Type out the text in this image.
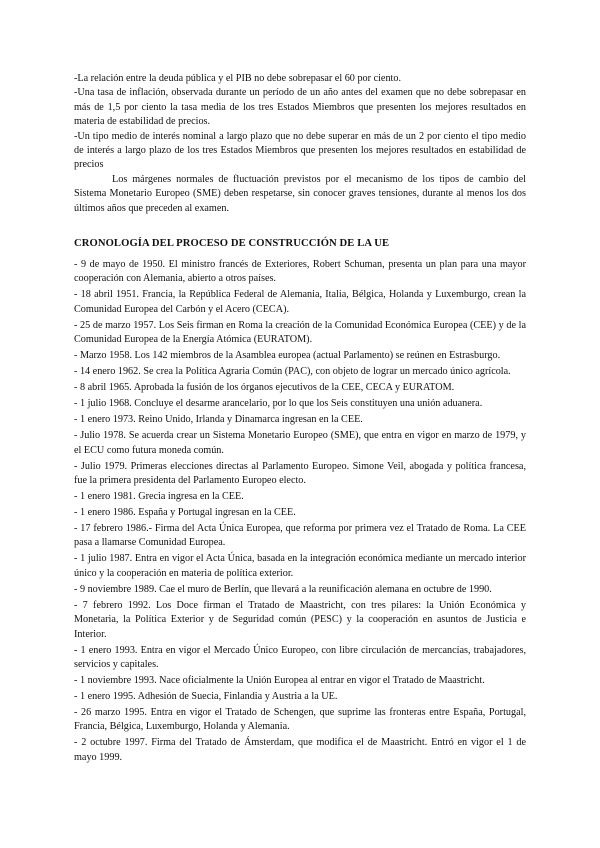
-La relación entre la deuda pública y el PIB no debe sobrepasar el 60 por ciento.

-Una tasa de inflación, observada durante un período de un año antes del examen que no debe sobrepasar en más de 1,5 por ciento la tasa media de los tres Estados Miembros que presenten los mejores resultados en materia de estabilidad de precios.

-Un tipo medio de interés nominal a largo plazo que no debe superar en más de un 2 por ciento el tipo medio de interés a largo plazo de los tres Estados Miembros que presenten los mejores resultados en estabilidad de precios

Los márgenes normales de fluctuación previstos por el mecanismo de los tipos de cambio del Sistema Monetario Europeo (SME) deben respetarse, sin conocer graves tensiones, durante al menos los dos últimos años que preceden al examen.

CRONOLOGÍA DEL PROCESO DE CONSTRUCCIÓN DE LA UE

- 9 de mayo de 1950. El ministro francés de Exteriores, Robert Schuman, presenta un plan para una mayor cooperación con Alemania, abierto a otros países.

- 18 abril 1951. Francia, la República Federal de Alemania, Italia, Bélgica, Holanda y Luxemburgo, crean la Comunidad Europea del Carbón y el Acero (CECA).

- 25 de marzo 1957. Los Seis firman en Roma la creación de la Comunidad Económica Europea (CEE) y de la Comunidad Europea de la Energía Atómica (EURATOM).

- Marzo 1958. Los 142 miembros de la Asamblea europea (actual Parlamento) se reúnen en Estrasburgo.

- 14 enero 1962. Se crea la Política Agraria Común (PAC), con objeto de lograr un mercado único agrícola.

- 8 abril 1965. Aprobada la fusión de los órganos ejecutivos de la CEE, CECA y EURATOM.

- 1 julio 1968. Concluye el desarme arancelario, por lo que los Seis constituyen una unión aduanera.

- 1 enero 1973. Reino Unido, Irlanda y Dinamarca ingresan en la CEE.

- Julio 1978. Se acuerda crear un Sistema Monetario Europeo (SME), que entra en vigor en marzo de 1979, y el ECU como futura moneda común.

- Julio 1979. Primeras elecciones directas al Parlamento Europeo. Simone Veil, abogada y política francesa, fue la primera presidenta del Parlamento Europeo electo.

- 1 enero 1981. Grecia ingresa en la CEE.

- 1 enero 1986. España y Portugal ingresan en la CEE.

- 17 febrero 1986.- Firma del Acta Única Europea, que reforma por primera vez el Tratado de Roma. La CEE pasa a llamarse Comunidad Europea.

- 1 julio 1987. Entra en vigor el Acta Única, basada en la integración económica mediante un mercado interior único y la cooperación en materia de política exterior.

- 9 noviembre 1989. Cae el muro de Berlín, que llevará a la reunificación alemana en octubre de 1990.

- 7 febrero 1992. Los Doce firman el Tratado de Maastricht, con tres pilares: la Unión Económica y Monetaria, la Política Exterior y de Seguridad común (PESC) y la cooperación en asuntos de Justicia e Interior.

- 1 enero 1993. Entra en vigor el Mercado Único Europeo, con libre circulación de mercancías, trabajadores, servicios y capitales.

- 1 noviembre 1993. Nace oficialmente la Unión Europea al entrar en vigor el Tratado de Maastricht.

- 1 enero 1995. Adhesión de Suecia, Finlandia y Austria a la UE.

- 26 marzo 1995. Entra en vigor el Tratado de Schengen, que suprime las fronteras entre España, Portugal, Francia, Bélgica, Luxemburgo, Holanda y Alemania.

- 2 octubre 1997. Firma del Tratado de Ámsterdam, que modifica el de Maastricht. Entró en vigor el 1 de mayo 1999.
